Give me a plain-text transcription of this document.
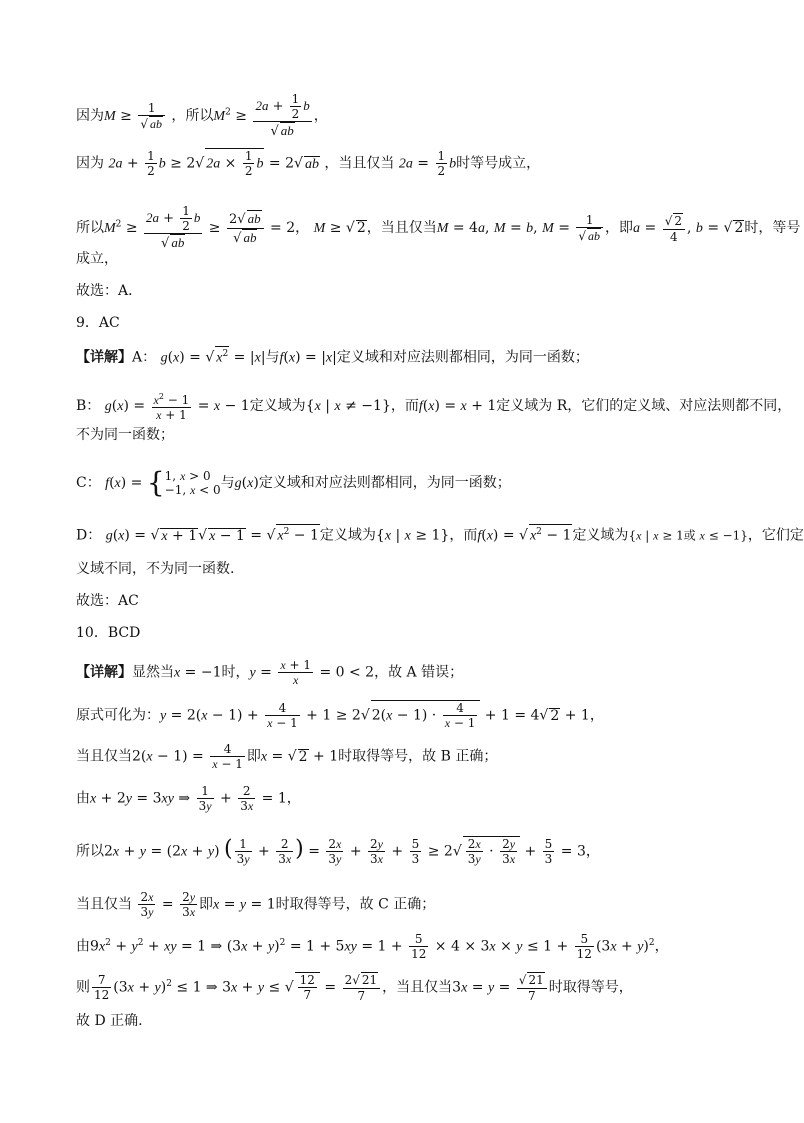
因为$M \ge \frac{1}{√ ab}$ ，所以$M^2 \ge \frac{2a + \frac{1}{2} b}{√ ab}$ ，
因为 $2a + \frac{1}{2}$ b ≥ 2√ $2a \times \frac{1}{2}$ b = 2√ ab ，当且仅当 $2a = \frac{1}{2}$ b时等号成立，
所以$M^2 \ge \frac{2a + \frac{1}{2} b}{√ ab} \ge \frac{2√ ab}{√ ab} = 2$， M ≥ √ 2，当且仅当M = 4a, M = b, $M = \frac{1}{√ ab}$ ，即$a = \frac{√ 2}{4}$ , b = √ 2时，等号
成立，
故选：A．
9．AC
【详解】A： g(x) = √ $x^2 = |x|$与f(x) = |x|定义域和对应法则都相同，为同一函数；
B： $g(x) = \frac{x^2 - 1}{x + 1} = x - 1$定义域为{x | x ≠ −1}，而f(x) = x + 1定义域为 R，它们的定义域、对应法则都不同，
不为同一函数；
C： f(x) = { 1, x > 0
−1, x < 0 与g(x)定义域和对应法则都相同，为同一函数；
D： g(x) = √ x + 1√ x − 1 = √ $x^2 - 1$定义域为{x | x ≥ 1}，而f(x) = √ $x^2 - 1$定义域为{x | x ≥ 1或 x ≤ −1}，它们定
义域不同，不为同一函数.
故选：AC
10．BCD
【详解】显然当x = −1时，$y = \frac{x + 1}{x} = 0 < 2$，故 A 错误；
原式可化为：$y = 2(x - 1) + \frac{4}{x - 1} + 1 \ge 2√$ $2(x - 1) \cdot \frac{4}{x - 1} + 1 = 4√$ 2 + 1，
当且仅当$2(x - 1) = \frac{4}{x - 1}$ 即x = √ 2 + 1时取得等号，故 B 正确；
由x + 2y = 3xy ⇒ $\frac{1}{3y} + \frac{2}{3x} = 1$，
所以2x + y = (2x + y) ( $\frac{1}{3y} + \frac{2}{3x}$ ) = $\frac{2x}{3y} + \frac{2y}{3x} + \frac{5}{3} \ge 2√ \frac{2x}{3y} \cdot \frac{2y}{3x} + \frac{5}{3} = 3$，
当且仅当 $\frac{2x}{3y} = \frac{2y}{3x}$ 即x = y = 1时取得等号，故 C 正确；
由$9x^2 + y^2$ + xy = 1 ⇒ $(3x + y)^2 = 1 + 5xy = 1 + \frac{5}{12} \times 4 \times 3x \times y \le 1 + \frac{5}{12} (3x + y)^2$，
则 $\frac{7}{12} (3x + y)^2 \le 1$ ⇒ 3x + y ≤ √ $\frac{12}{7} = \frac{2√ 21}{7}$ ，当且仅当$3x = y = \frac{√ 21}{7}$ 时取得等号，
故 D 正确.
